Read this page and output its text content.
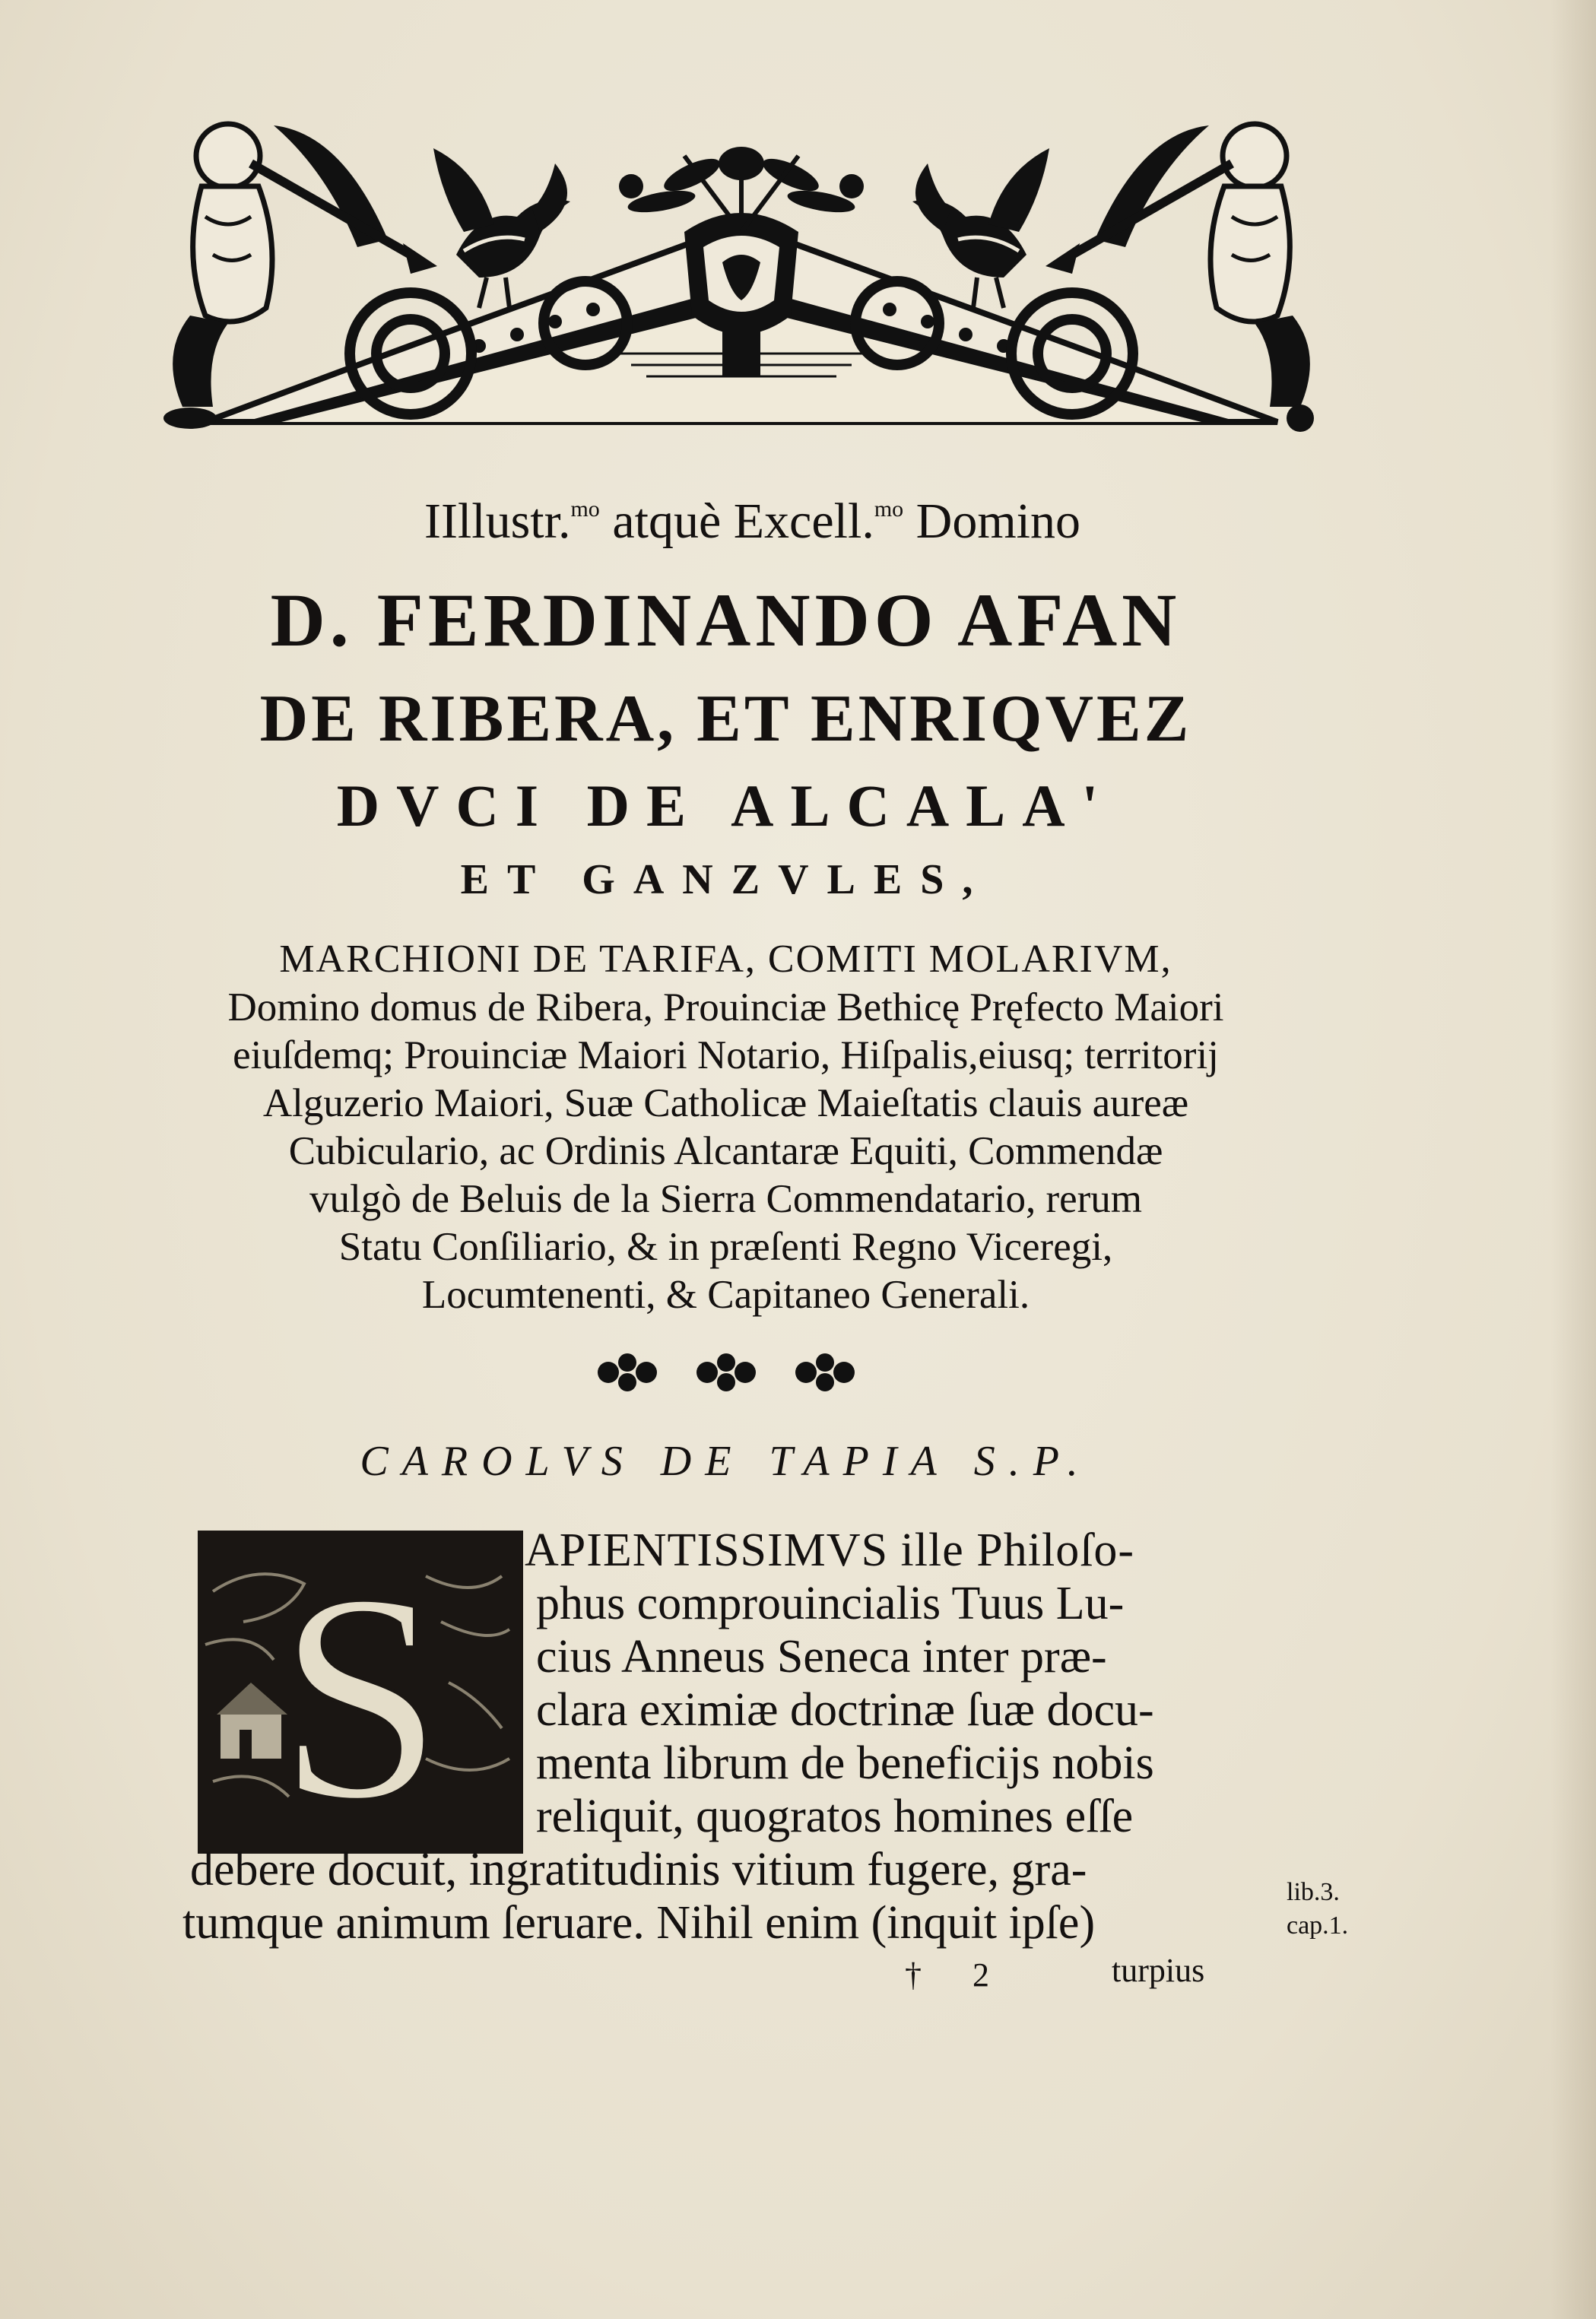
IIllustr.$^{mo}$ atquè Excell.$^{mo}$ Domino
D. FERDINANDO AFAN
DE RIBERA, ET ENRIQVEZ
DVCI DE ALCALA'
ET GANZVLES,
MARCHIONI DE TARIFA, COMITI MOLARIVM,
Domino domus de Ribera, Prouinciæ Bethicę Pręfecto Maiori
eiuſdemq; Prouinciæ Maiori Notario, Hiſpalis,eiusq; territorij
Alguzerio Maiori, Suæ Catholicæ Maieſtatis clauis aureæ
Cubiculario, ac Ordinis Alcantaræ Equiti, Commendæ
vulgò de Beluis de la Sierra Commendatario, rerum
Statu Conſiliario, & in præſenti Regno Viceregi,
Locumtenenti, & Capitaneo Generali.
CAROLVS DE TAPIA S.P.
S APIENTISSIMVS ille Philoſo-
phus comprouincialis Tuus Lu-
cius Anneus Seneca inter præ-
clara eximiæ doctrinæ ſuæ docu-
menta librum de beneficijs nobis
reliquit, quogratos homines eſſe
debere docuit, ingratitudinis vitium fugere, gra-
tumque animum ſeruare. Nihil enim (inquit ipſe)
lib.3.
cap.1.
† 2	turpius
